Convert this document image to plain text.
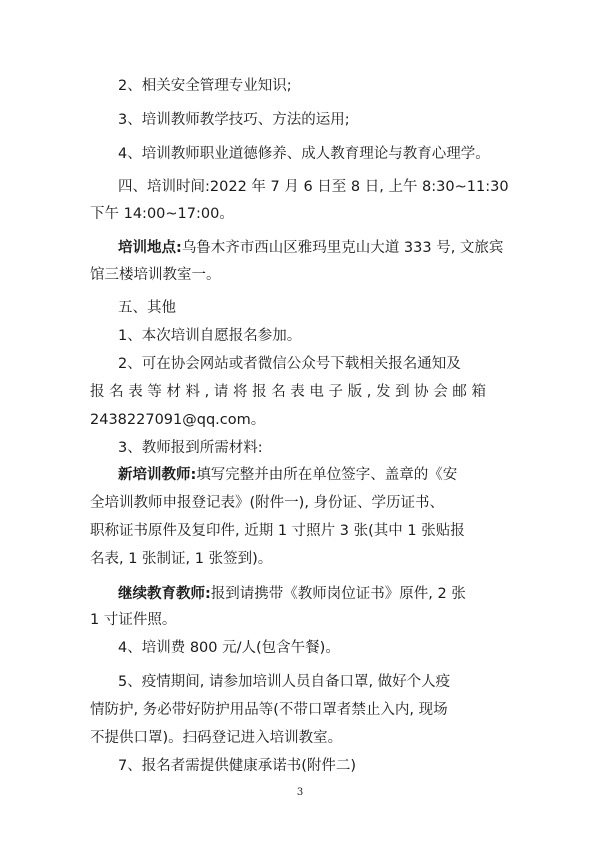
2、相关安全管理专业知识;
3、培训教师教学技巧、方法的运用;
4、培训教师职业道德修养、成人教育理论与教育心理学。
四、培训时间:2022 年 7 月 6 日至 8 日, 上午 8:30~11:30
下午 14:00~17:00。
培训地点:乌鲁木齐市西山区雅玛里克山大道 333 号, 文旅宾
馆三楼培训教室一。
五、其他
1、本次培训自愿报名参加。
2、可在协会网站或者微信公众号下载相关报名通知及
报 名 表 等 材 料 , 请 将 报 名 表 电 子 版 , 发 到 协 会 邮 箱
2438227091@qq.com。
3、教师报到所需材料:
新培训教师:填写完整并由所在单位签字、盖章的《安
全培训教师申报登记表》(附件一), 身份证、学历证书、
职称证书原件及复印件, 近期 1 寸照片 3 张(其中 1 张贴报
名表, 1 张制证, 1 张签到)。
继续教育教师:报到请携带《教师岗位证书》原件, 2 张
1 寸证件照。
4、培训费 800 元/人(包含午餐)。
5、疫情期间, 请参加培训人员自备口罩, 做好个人疫
情防护, 务必带好防护用品等(不带口罩者禁止入内, 现场
不提供口罩)。扫码登记进入培训教室。
7、报名者需提供健康承诺书(附件二)
3
